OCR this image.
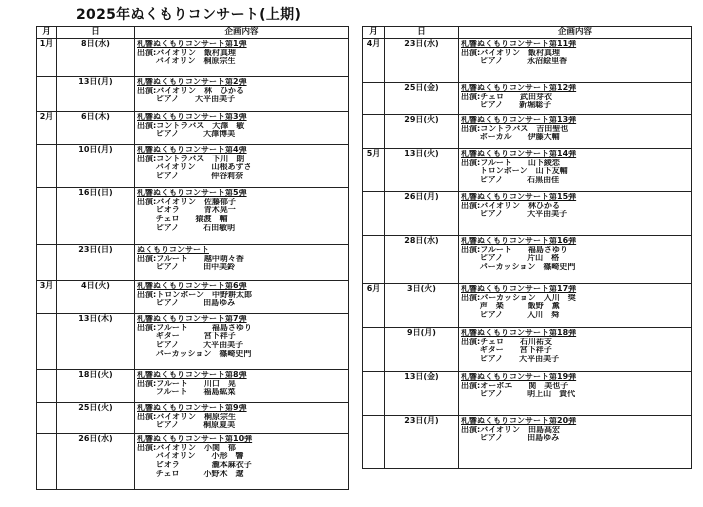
2025年ぬくもりコンサート(上期)
月	日	企画内容
1月	8日(水)	札響ぬくもりコンサート第1弾
出演:バイオリン　飯村真理
　　 バイオリン　桐原宗生

	13日(月)	札響ぬくもりコンサート第2弾
出演:バイオリン　林　ひかる
　　 ピアノ　　大平由美子

2月	6日(木)	札響ぬくもりコンサート第3弾
出演:コントラバス　大澤　敏
　　 ピアノ　　　大澤博美

	10日(月)	札響ぬくもりコンサート第4弾
出演:コントラバス　下川　朗
　　 バイオリン　　山根あずさ
　　 ピアノ　　　　仲谷莉奈

	16日(日)	札響ぬくもりコンサート第5弾
出演:バイオリン　佐藤郁子
　　 ビオラ　　　青木晃一
　　 チェロ　　猿渡　輔
　　 ピアノ　　　石田敏明

	23日(日)	ぬくもりコンサート
出演:フルート　　越中萌々香
　　 ピアノ　　　田中美鈴

3月	4日(火)	札響ぬくもりコンサート第6弾
出演:トロンボーン　中野耕太郎
　　 ピアノ　　　田島ゆみ

	13日(木)	札響ぬくもりコンサート第7弾
出演:フルート　　　福島さゆり
　　 ギター　　　宮下祥子
　　 ピアノ　　　大平由美子
　　 パーカッション　篠崎史門

	18日(火)	札響ぬくもりコンサート第8弾
出演:フルート　　川口　晃
　　 フルート　　福島紘菜

	25日(火)	札響ぬくもりコンサート第9弾
出演:バイオリン　桐原宗生
　　 ピアノ　　　桐原夏美

	26日(水)	札響ぬくもりコンサート第10弾
出演:バイオリン　小関　郁
　　 バイオリン　　小形　響
　　 ビオラ　　　　瀧本麻衣子
　　 チェロ　　　小野木　遼
月	日	企画内容
4月	23日(水)	札響ぬくもりコンサート第11弾
出演:バイオリン　飯村真理
　　 ピアノ　　　永沼絵里香

	25日(金)	札響ぬくもりコンサート第12弾
出演:チェロ　　武田芽衣
　　 ピアノ　　新堀聡子

	29日(火)	札響ぬくもりコンサート第13弾
出演:コントラバス　吉田聖也
　　 ボーカル　　伊藤大輔

5月	13日(火)	札響ぬくもりコンサート第14弾
出演:フルート　　山下綾恋
　　 トロンボーン　山下友輔
　　 ピアノ　　　石黒由佳

	26日(月)	札響ぬくもりコンサート第15弾
出演:バイオリン　林ひかる
　　 ピアノ　　　大平由美子

	28日(水)	札響ぬくもりコンサート第16弾
出演:フルート　　福島さゆり
　　 ピアノ　　　片山　格
　　 パーカッション　篠崎史門

6月	3日(火)	札響ぬくもりコンサート第17弾
出演:パーカッション　入川　奨
　　 声　楽　　　飯野　薫
　　 ピアノ　　　入川　舜

	9日(月)	札響ぬくもりコンサート第18弾
出演:チェロ　　石川祐支
　　 ギター　　宮下祥子
　　 ピアノ　　大平由美子

	13日(金)	札響ぬくもりコンサート第19弾
出演:オーボエ　　関　美也子
　　 ピアノ　　　明上山　貴代

	23日(月)	札響ぬくもりコンサート第20弾
出演:バイオリン　田島高宏
　　 ピアノ　　　田島ゆみ
